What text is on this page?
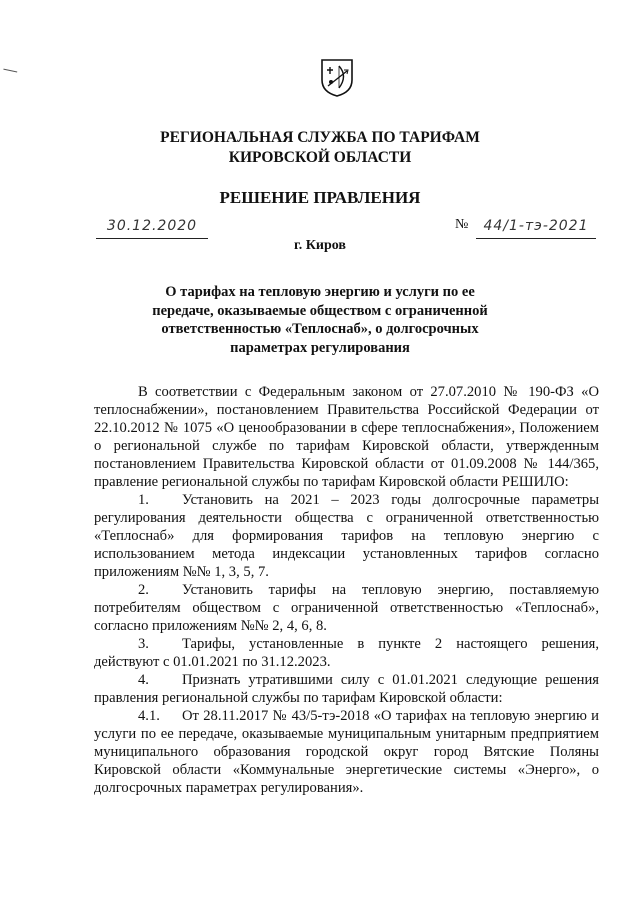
РЕГИОНАЛЬНАЯ СЛУЖБА ПО ТАРИФАМ
КИРОВСКОЙ ОБЛАСТИ
РЕШЕНИЕ ПРАВЛЕНИЯ
30.12.2020	№	44/1-тэ-2021
г. Киров
О тарифах на тепловую энергию и услуги по ее
передаче, оказываемые обществом с ограниченной
ответственностью «Теплоснаб», о долгосрочных
параметрах регулирования

В соответствии с Федеральным законом от 27.07.2010 № 190-ФЗ «О теплоснабжении», постановлением Правительства Российской Федерации от 22.10.2012 № 1075 «О ценообразовании в сфере теплоснабжения», Положением о региональной службе по тарифам Кировской области, утвержденным постановлением Правительства Кировской области от 01.09.2008 № 144/365, правление региональной службы по тарифам Кировской области РЕШИЛО:

1. Установить на 2021 – 2023 годы долгосрочные параметры регулирования деятельности общества с ограниченной ответственностью «Теплоснаб» для формирования тарифов на тепловую энергию с использованием метода индексации установленных тарифов согласно приложениям №№ 1, 3, 5, 7.

2. Установить тарифы на тепловую энергию, поставляемую потребителям обществом с ограниченной ответственностью «Теплоснаб», согласно приложениям №№ 2, 4, 6, 8.

3. Тарифы, установленные в пункте 2 настоящего решения, действуют с 01.01.2021 по 31.12.2023.

4. Признать утратившими силу с 01.01.2021 следующие решения правления региональной службы по тарифам Кировской области:

4.1. От 28.11.2017 № 43/5-тэ-2018 «О тарифах на тепловую энергию и услуги по ее передаче, оказываемые муниципальным унитарным предприятием муниципального образования городской округ город Вятские Поляны Кировской области «Коммунальные энергетические системы «Энерго», о долгосрочных параметрах регулирования».
